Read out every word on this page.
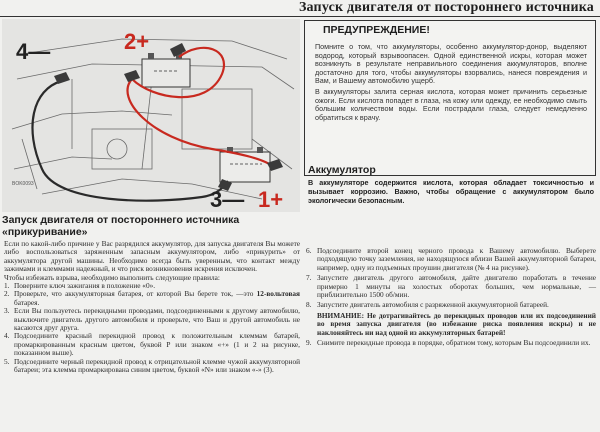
Запуск двигателя от постороннего источника
4—	2+
3— 1+
BOK0093
ПРЕДУПРЕЖДЕНИЕ!

Помните о том, что аккумуляторы, особенно аккумулятор-донор, выделяют водород, который взрывоопасен. Одной единственной искры, которая может возникнуть в результате неправильного соединения аккумуляторов, вполне достаточно для того, чтобы аккумуляторы взорвались, нанеся повреждения и Вам, и Вашему автомобилю ущерб.

В аккумуляторы залита серная кислота, которая может причинить серьезные ожоги. Если кислота попадет в глаза, на кожу или одежду, ее необходимо смыть большим количеством воды. Если пострадали глаза, следует немедленно обратиться к врачу.

Аккумулятор
В аккумуляторе содержится кислота, которая обладает токсичностью и вызывает коррозию. Важно, чтобы обращение с аккумулятором было экологически безопасным.
Запуск двигателя от постороннего источника «прикуривание»

Если по какой-либо причине у Вас разрядился аккумулятор, для запуска двигателя Вы можете либо воспользоваться заряженным запасным аккумулятором, либо «прикурить» от аккумулятора другой машины. Необходимо всегда быть уверенным, что контакт между зажимами и клеммами надежный, и что риск возникновения искрения исключен.

Чтобы избежать взрыва, необходимо выполнить следующие правила:

1. Поверните ключ зажигания в положение «0».
2. Проверьте, что аккумуляторная батарея, от которой Вы берете ток, —это 12-вольтовая батарея.
3. Если Вы пользуетесь перекидными проводами, подсоединенными к другому автомобилю, выключите двигатель другого автомобиля и проверьте, что Ваш и другой автомобиль не касаются друг друга.
4. Подсоедините красный перекидной провод к положительным клеммам батарей, промаркированным красным цветом, буквой Р или знаком «+» (1 и 2 на рисунке, показанном выше).
5. Подсоедините черный перекидной провод к отрицательной клемме чужой аккумуляторной батареи; эта клемма промаркирована синим цветом, буквой «N» или знаком «-» (3).
6. Подсоедините второй конец черного провода к Вашему автомобилю. Выберете подходящую точку заземления, не находящуюся вблизи Вашей аккумуляторной батареи, например, одну из подъемных проушин двигателя (№ 4 на рисунке).
7. Запустите двигатель другого автомобиля, дайте двигателю поработать в течение примерно 1 минуты на холостых оборотах больших, чем нормальные, — приблизительно 1500 об/мин.
8. Запустите двигатель автомобиля с разряженной аккумуляторной батареей.
ВНИМАНИЕ: Не дотрагивайтесь до перекидных проводов или их подсоединений во время запуска двигателя (во избежание риска появления искры) и не наклоняйтесь ни над одной из аккумуляторных батарей!
9. Снимите перекидные провода в порядке, обратном тому, которым Вы подсоединили их.
